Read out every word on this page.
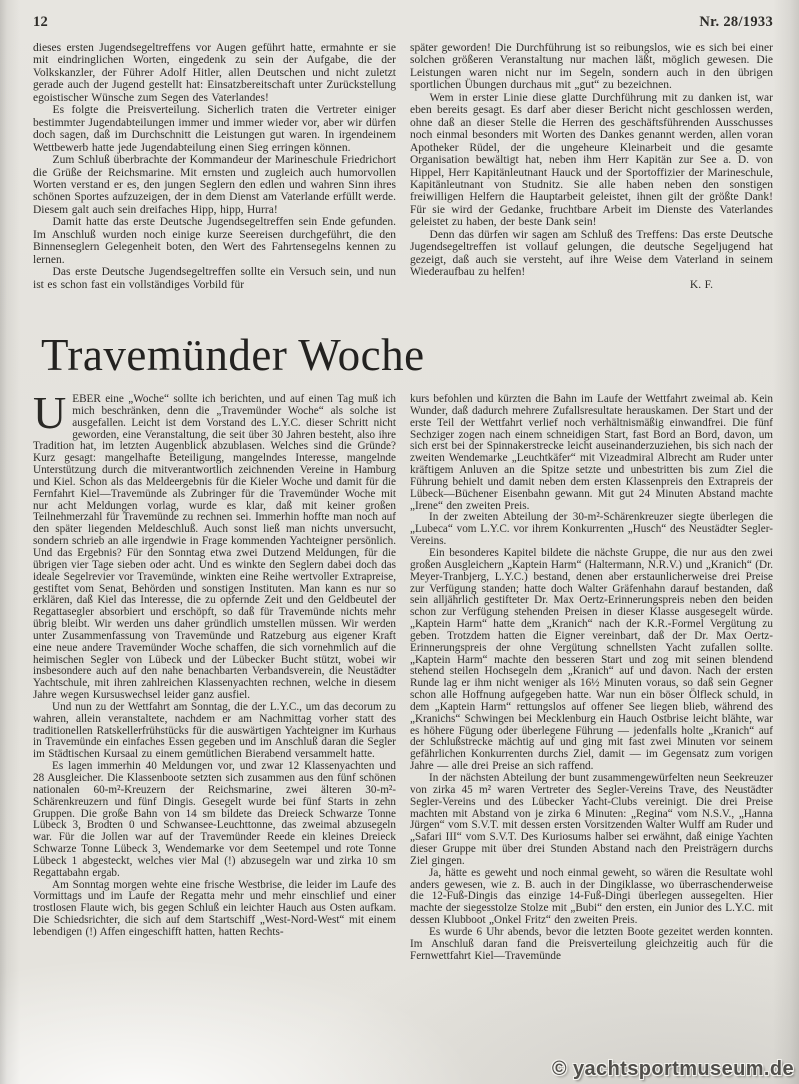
12	Nr. 28/1933

dieses ersten Jugendsegeltreffens vor Augen geführt hatte, ermahnte er sie mit eindringlichen Worten, eingedenk zu sein der Aufgabe, die der Volkskanzler, der Führer Adolf Hitler, allen Deutschen und nicht zuletzt gerade auch der Jugend gestellt hat: Einsatzbereitschaft unter Zurückstellung egoistischer Wünsche zum Segen des Vaterlandes!

Es folgte die Preisverteilung. Sicherlich traten die Vertreter einiger bestimmter Jugendabteilungen immer und immer wieder vor, aber wir dürfen doch sagen, daß im Durchschnitt die Leistungen gut waren. In irgendeinem Wettbewerb hatte jede Jugendabteilung einen Sieg erringen können.

Zum Schluß überbrachte der Kommandeur der Marineschule Friedrichort die Grüße der Reichsmarine. Mit ernsten und zugleich auch humorvollen Worten verstand er es, den jungen Seglern den edlen und wahren Sinn ihres schönen Sportes aufzuzeigen, der in dem Dienst am Vaterlande erfüllt werde. Diesem galt auch sein dreifaches Hipp, hipp, Hurra!

Damit hatte das erste Deutsche Jugendsegeltreffen sein Ende gefunden. Im Anschluß wurden noch einige kurze Seereisen durchgeführt, die den Binnenseglern Gelegenheit boten, den Wert des Fahrtensegelns kennen zu lernen.

Das erste Deutsche Jugendsegeltreffen sollte ein Versuch sein, und nun ist es schon fast ein vollständiges Vorbild für

später geworden! Die Durchführung ist so reibungslos, wie es sich bei einer solchen größeren Veranstaltung nur machen läßt, möglich gewesen. Die Leistungen waren nicht nur im Segeln, sondern auch in den übrigen sportlichen Übungen durchaus mit „gut“ zu bezeichnen.

Wem in erster Linie diese glatte Durchführung mit zu danken ist, war eben bereits gesagt. Es darf aber dieser Bericht nicht geschlossen werden, ohne daß an dieser Stelle die Herren des geschäftsführenden Ausschusses noch einmal besonders mit Worten des Dankes genannt werden, allen voran Apotheker Rüdel, der die ungeheure Kleinarbeit und die gesamte Organisation bewältigt hat, neben ihm Herr Kapitän zur See a. D. von Hippel, Herr Kapitänleutnant Hauck und der Sportoffizier der Marineschule, Kapitänleutnant von Studnitz. Sie alle haben neben den sonstigen freiwilligen Helfern die Hauptarbeit geleistet, ihnen gilt der größte Dank! Für sie wird der Gedanke, fruchtbare Arbeit im Dienste des Vaterlandes geleistet zu haben, der beste Dank sein!

Denn das dürfen wir sagen am Schluß des Treffens: Das erste Deutsche Jugendsegeltreffen ist vollauf gelungen, die deutsche Segeljugend hat gezeigt, daß auch sie versteht, auf ihre Weise dem Vaterland in seinem Wiederaufbau zu helfen!

K. F.
Travemünder Woche

UEBER eine „Woche“ sollte ich berichten, und auf einen Tag muß ich mich beschränken, denn die „Travemünder Woche“ als solche ist ausgefallen. Leicht ist dem Vorstand des L.Y.C. dieser Schritt nicht geworden, eine Veranstaltung, die seit über 30 Jahren besteht, also ihre Tradition hat, im letzten Augenblick abzublasen. Welches sind die Gründe? Kurz gesagt: mangelhafte Beteiligung, mangelndes Interesse, mangelnde Unterstützung durch die mitverantwortlich zeichnenden Vereine in Hamburg und Kiel. Schon als das Meldeergebnis für die Kieler Woche und damit für die Fernfahrt Kiel—Travemünde als Zubringer für die Travemünder Woche mit nur acht Meldungen vorlag, wurde es klar, daß mit keiner großen Teilnehmerzahl für Travemünde zu rechnen sei. Immerhin hoffte man noch auf den später liegenden Meldeschluß. Auch sonst ließ man nichts unversucht, sondern schrieb an alle irgendwie in Frage kommenden Yachteigner persönlich. Und das Ergebnis? Für den Sonntag etwa zwei Dutzend Meldungen, für die übrigen vier Tage sieben oder acht. Und es winkte den Seglern dabei doch das ideale Segelrevier vor Travemünde, winkten eine Reihe wertvoller Extrapreise, gestiftet vom Senat, Behörden und sonstigen Instituten. Man kann es nur so erklären, daß Kiel das Interesse, die zu opfernde Zeit und den Geldbeutel der Regattasegler absorbiert und erschöpft, so daß für Travemünde nichts mehr übrig bleibt. Wir werden uns daher gründlich umstellen müssen. Wir werden unter Zusammenfassung von Travemünde und Ratzeburg aus eigener Kraft eine neue andere Travemünder Woche schaffen, die sich vornehmlich auf die heimischen Segler von Lübeck und der Lübecker Bucht stützt, wobei wir insbesondere auch auf den nahe benachbarten Verbandsverein, die Neustädter Yachtschule, mit ihren zahlreichen Klassenyachten rechnen, welche in diesem Jahre wegen Kursuswechsel leider ganz ausfiel.

Und nun zu der Wettfahrt am Sonntag, die der L.Y.C., um das decorum zu wahren, allein veranstaltete, nachdem er am Nachmittag vorher statt des traditionellen Ratskellerfrühstücks für die auswärtigen Yachteigner im Kurhaus in Travemünde ein einfaches Essen gegeben und im Anschluß daran die Segler im Städtischen Kursaal zu einem gemütlichen Bierabend versammelt hatte.

Es lagen immerhin 40 Meldungen vor, und zwar 12 Klassenyachten und 28 Ausgleicher. Die Klassenboote setzten sich zusammen aus den fünf schönen nationalen 60-m²-Kreuzern der Reichsmarine, zwei älteren 30-m²-Schärenkreuzern und fünf Dingis. Gesegelt wurde bei fünf Starts in zehn Gruppen. Die große Bahn von 14 sm bildete das Dreieck Schwarze Tonne Lübeck 3, Brodten 0 und Schwansee-Leuchttonne, das zweimal abzusegeln war. Für die Jollen war auf der Travemünder Reede ein kleines Dreieck Schwarze Tonne Lübeck 3, Wendemarke vor dem Seetempel und rote Tonne Lübeck 1 abgesteckt, welches vier Mal (!) abzusegeln war und zirka 10 sm Regattabahn ergab.

Am Sonntag morgen wehte eine frische Westbrise, die leider im Laufe des Vormittags und im Laufe der Regatta mehr und mehr einschlief und einer trostlosen Flaute wich, bis gegen Schluß ein leichter Hauch aus Osten aufkam. Die Schiedsrichter, die sich auf dem Startschiff „West-Nord-West“ mit einem lebendigen (!) Affen eingeschifft hatten, hatten Rechts-

kurs befohlen und kürzten die Bahn im Laufe der Wettfahrt zweimal ab. Kein Wunder, daß dadurch mehrere Zufallsresultate herauskamen. Der Start und der erste Teil der Wettfahrt verlief noch verhältnismäßig einwandfrei. Die fünf Sechziger zogen nach einem schneidigen Start, fast Bord an Bord, davon, um sich erst bei der Spinnakerstrecke leicht auseinanderzuziehen, bis sich nach der zweiten Wendemarke „Leuchtkäfer“ mit Vizeadmiral Albrecht am Ruder unter kräftigem Anluven an die Spitze setzte und unbestritten bis zum Ziel die Führung behielt und damit neben dem ersten Klassenpreis den Extrapreis der Lübeck—Büchener Eisenbahn gewann. Mit gut 24 Minuten Abstand machte „Irene“ den zweiten Preis.

In der zweiten Abteilung der 30-m²-Schärenkreuzer siegte überlegen die „Lubeca“ vom L.Y.C. vor ihrem Konkurrenten „Husch“ des Neustädter Segler-Vereins.

Ein besonderes Kapitel bildete die nächste Gruppe, die nur aus den zwei großen Ausgleichern „Kaptein Harm“ (Haltermann, N.R.V.) und „Kranich“ (Dr. Meyer-Tranbjerg, L.Y.C.) bestand, denen aber erstaunlicherweise drei Preise zur Verfügung standen; hatte doch Walter Gräfenhahn darauf bestanden, daß sein alljährlich gestifteter Dr. Max Oertz-Erinnerungspreis neben den beiden schon zur Verfügung stehenden Preisen in dieser Klasse ausgesegelt würde. „Kaptein Harm“ hatte dem „Kranich“ nach der K.R.-Formel Vergütung zu geben. Trotzdem hatten die Eigner vereinbart, daß der Dr. Max Oertz-Erinnerungspreis der ohne Vergütung schnellsten Yacht zufallen sollte. „Kaptein Harm“ machte den besseren Start und zog mit seinen blendend stehend steilen Hochsegeln dem „Kranich“ auf und davon. Nach der ersten Runde lag er ihm nicht weniger als 16½ Minuten voraus, so daß sein Gegner schon alle Hoffnung aufgegeben hatte. War nun ein böser Ölfleck schuld, in dem „Kaptein Harm“ rettungslos auf offener See liegen blieb, während des „Kranichs“ Schwingen bei Mecklenburg ein Hauch Ostbrise leicht blähte, war es höhere Fügung oder überlegene Führung — jedenfalls holte „Kranich“ auf der Schlußstrecke mächtig auf und ging mit fast zwei Minuten vor seinem gefährlichen Konkurrenten durchs Ziel, damit — im Gegensatz zum vorigen Jahre — alle drei Preise an sich raffend.

In der nächsten Abteilung der bunt zusammengewürfelten neun Seekreuzer von zirka 45 m² waren Vertreter des Segler-Vereins Trave, des Neustädter Segler-Vereins und des Lübecker Yacht-Clubs vereinigt. Die drei Preise machten mit Abstand von je zirka 6 Minuten: „Regina“ vom N.S.V., „Hanna Jürgen“ vom S.V.T. mit dessen ersten Vorsitzenden Walter Wulff am Ruder und „Safari III“ vom S.V.T. Des Kuriosums halber sei erwähnt, daß einige Yachten dieser Gruppe mit über drei Stunden Abstand nach den Preisträgern durchs Ziel gingen.

Ja, hätte es geweht und noch einmal geweht, so wären die Resultate wohl anders gewesen, wie z. B. auch in der Dingiklasse, wo überraschenderweise die 12-Fuß-Dingis das einzige 14-Fuß-Dingi überlegen aussegelten. Hier machte der siegesstolze Stolze mit „Bubi“ den ersten, ein Junior des L.Y.C. mit dessen Klubboot „Onkel Fritz“ den zweiten Preis.

Es wurde 6 Uhr abends, bevor die letzten Boote gezeitet werden konnten. Im Anschluß daran fand die Preisverteilung gleichzeitig auch für die Fernwettfahrt Kiel—Travemünde

© yachtsportmuseum.de
